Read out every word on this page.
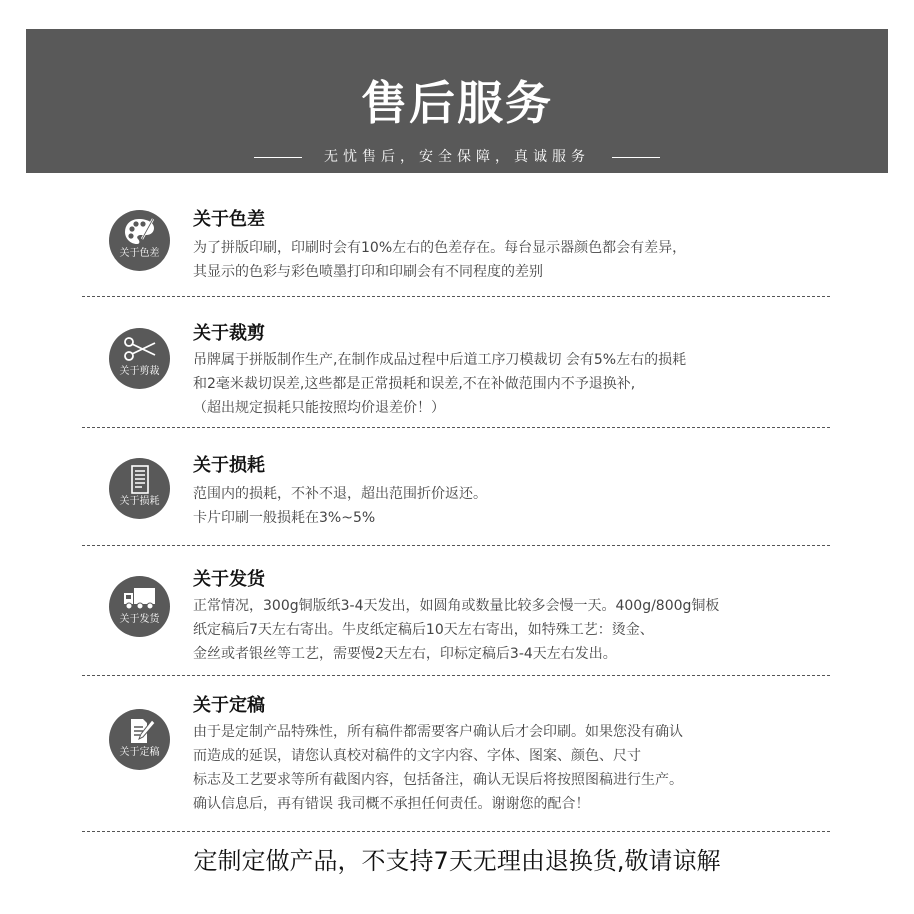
售后服务
无忧售后，安全保障，真诚服务
关于色差
关于色差
为了拼版印刷，印刷时会有10%左右的色差存在。每台显示器颜色都会有差异，
其显示的色彩与彩色喷墨打印和印刷会有不同程度的差别
关于剪裁
关于裁剪
吊牌属于拼版制作生产,在制作成品过程中后道工序刀模裁切 会有5%左右的损耗
和2毫米裁切误差,这些都是正常损耗和误差,不在补做范围内不予退换补,
（超出规定损耗只能按照均价退差价！）
关于损耗
关于损耗
范围内的损耗，不补不退，超出范围折价返还。
卡片印刷一般损耗在3%~5%
关于发货
关于发货
正常情况，300g铜版纸3-4天发出，如圆角或数量比较多会慢一天。400g/800g铜板
纸定稿后7天左右寄出。牛皮纸定稿后10天左右寄出，如特殊工艺：烫金、
金丝或者银丝等工艺，需要慢2天左右，印标定稿后3-4天左右发出。
关于定稿
关于定稿
由于是定制产品特殊性，所有稿件都需要客户确认后才会印刷。如果您没有确认
而造成的延误，请您认真校对稿件的文字内容、字体、图案、颜色、尺寸
标志及工艺要求等所有截图内容，包括备注，确认无误后将按照图稿进行生产。
确认信息后，再有错误 我司概不承担任何责任。谢谢您的配合！
定制定做产品，不支持7天无理由退换货,敬请谅解
